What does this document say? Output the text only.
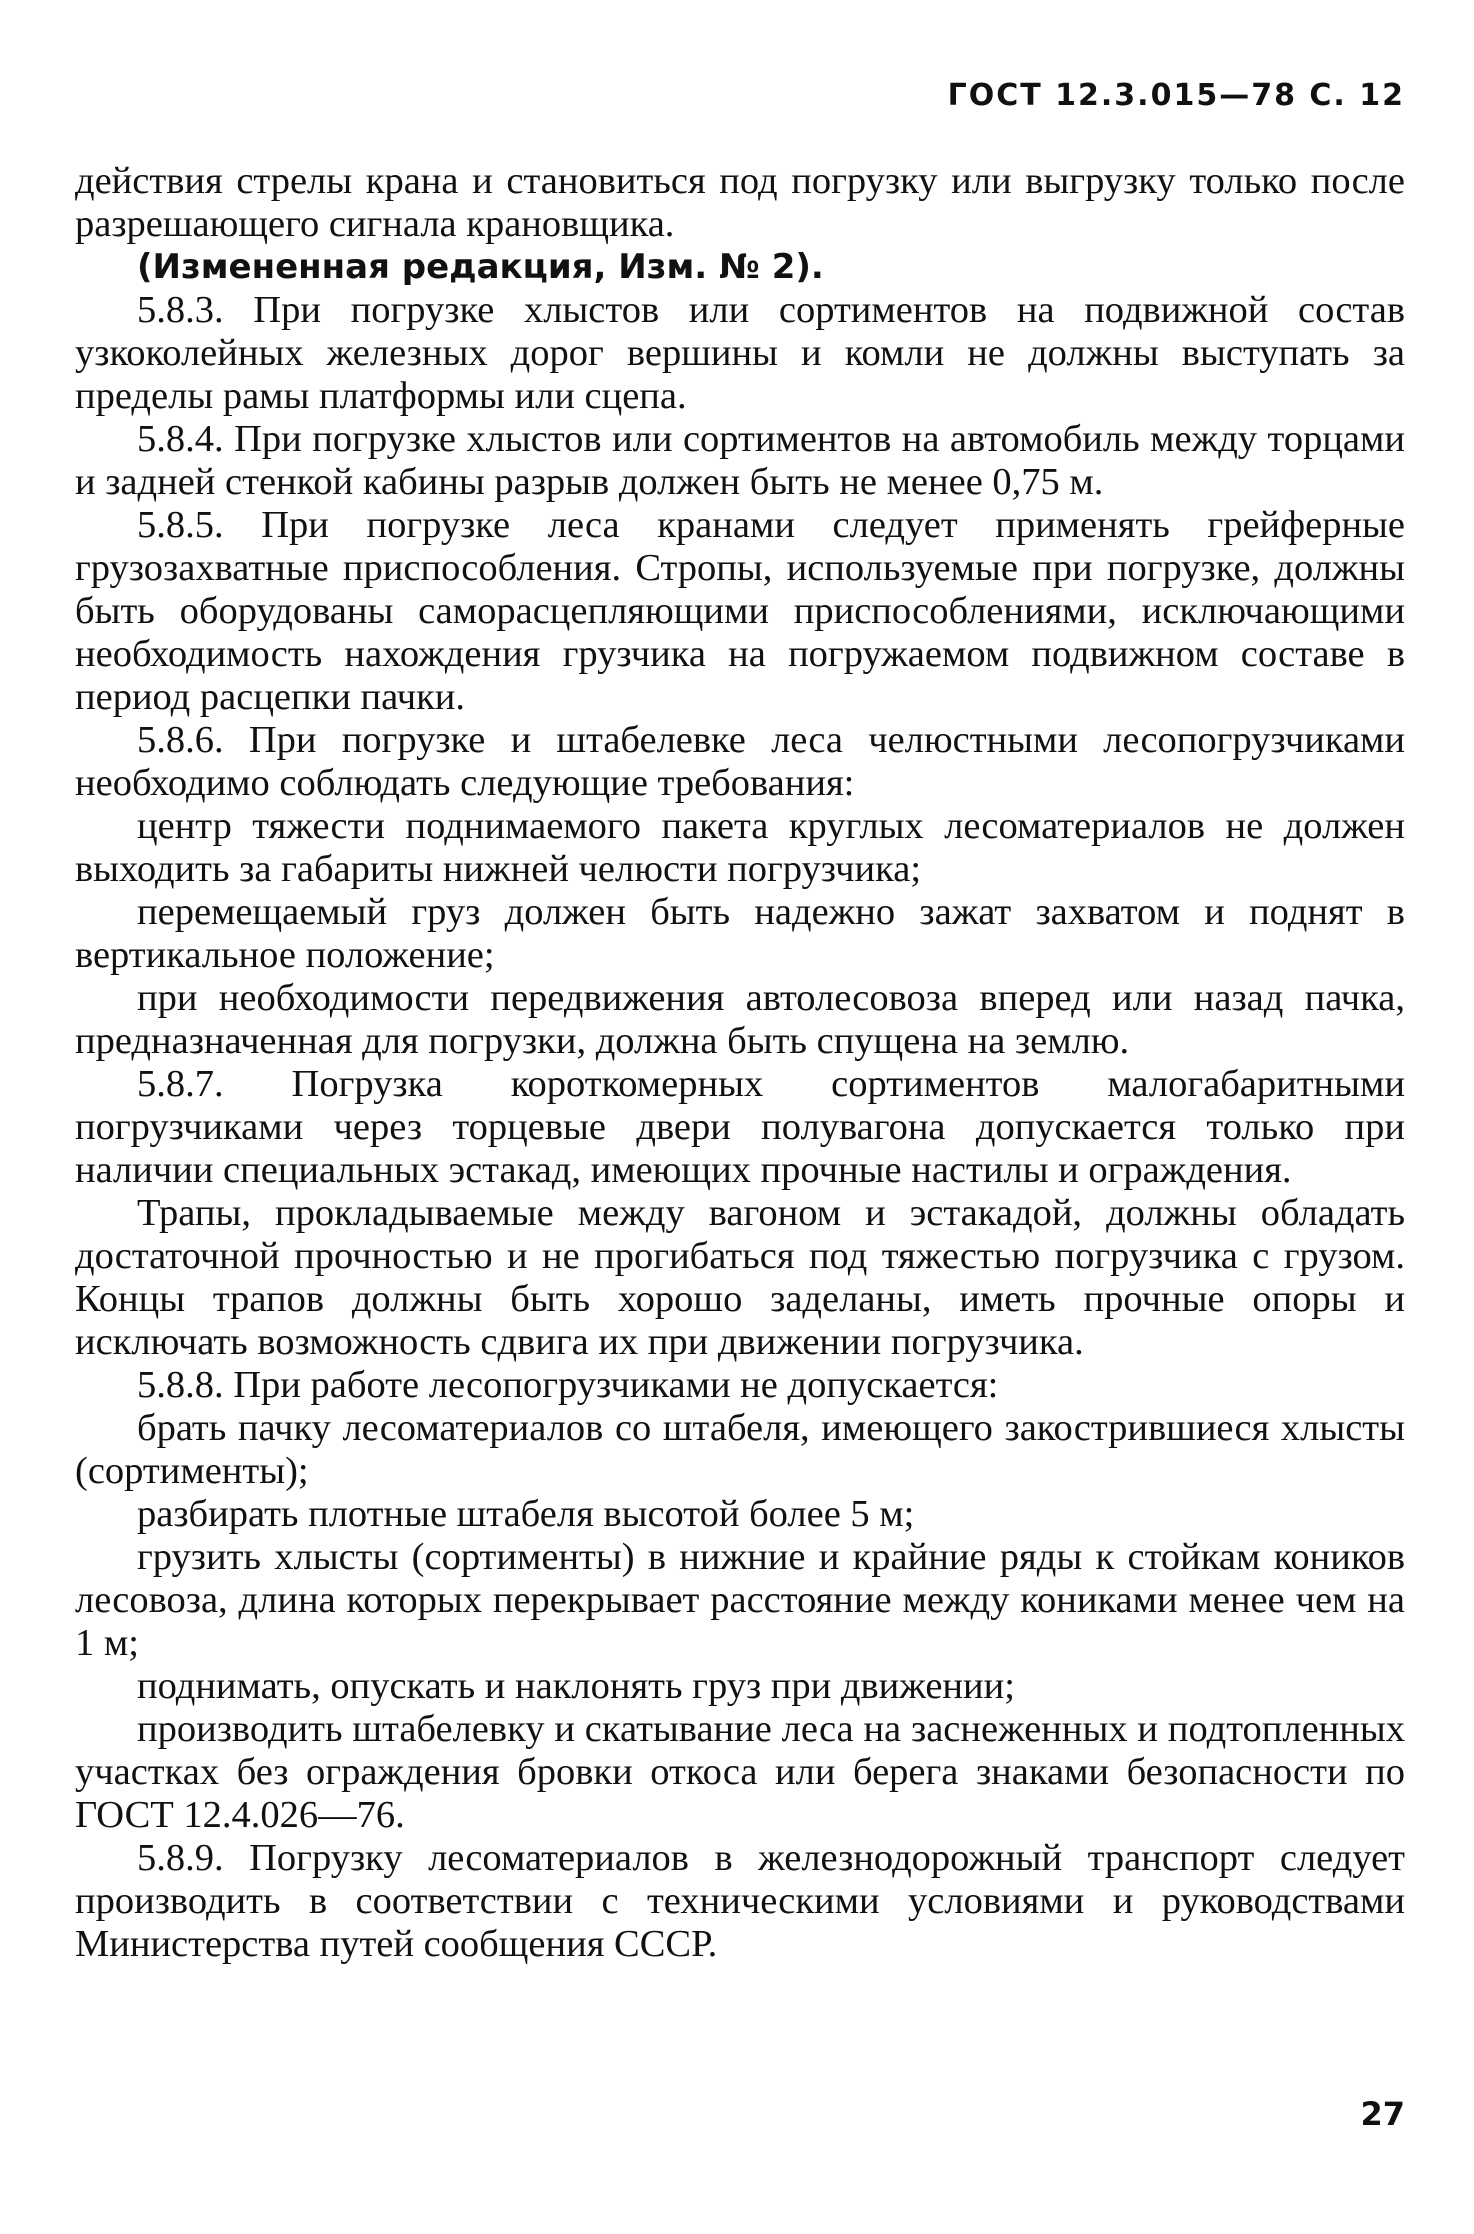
ГОСТ 12.3.015—78 С. 12

действия стрелы крана и становиться под погрузку или выгрузку только после разрешающего сигнала крановщика.

(Измененная редакция, Изм. № 2).

5.8.3. При погрузке хлыстов или сортиментов на подвижной состав узкоколейных железных дорог вершины и комли не должны выступать за пределы рамы платформы или сцепа.

5.8.4. При погрузке хлыстов или сортиментов на автомобиль между торцами и задней стенкой кабины разрыв должен быть не менее 0,75 м.

5.8.5. При погрузке леса кранами следует применять грейферные грузозахватные приспособления. Стропы, используемые при погрузке, должны быть оборудованы саморасцепляющими приспособлениями, исключающими необходимость нахождения грузчика на погружаемом подвижном составе в период расцепки пачки.

5.8.6. При погрузке и штабелевке леса челюстными лесопогрузчиками необходимо соблюдать следующие требования:

центр тяжести поднимаемого пакета круглых лесоматериалов не должен выходить за габариты нижней челюсти погрузчика;

перемещаемый груз должен быть надежно зажат захватом и поднят в вертикальное положение;

при необходимости передвижения автолесовоза вперед или назад пачка, предназначенная для погрузки, должна быть спущена на землю.

5.8.7. Погрузка короткомерных сортиментов малогабаритными погрузчиками через торцевые двери полувагона допускается только при наличии специальных эстакад, имеющих прочные настилы и ограждения.

Трапы, прокладываемые между вагоном и эстакадой, должны обладать достаточной прочностью и не прогибаться под тяжестью погрузчика с грузом. Концы трапов должны быть хорошо заделаны, иметь прочные опоры и исключать возможность сдвига их при движении погрузчика.

5.8.8. При работе лесопогрузчиками не допускается:

брать пачку лесоматериалов со штабеля, имеющего закострившиеся хлысты (сортименты);

разбирать плотные штабеля высотой более 5 м;

грузить хлысты (сортименты) в нижние и крайние ряды к стойкам коников лесовоза, длина которых перекрывает расстояние между кониками менее чем на 1 м;

поднимать, опускать и наклонять груз при движении;

производить штабелевку и скатывание леса на заснеженных и подтопленных участках без ограждения бровки откоса или берега знаками безопасности по ГОСТ 12.4.026—76.

5.8.9. Погрузку лесоматериалов в железнодорожный транспорт следует производить в соответствии с техническими условиями и руководствами Министерства путей сообщения СССР.

27
